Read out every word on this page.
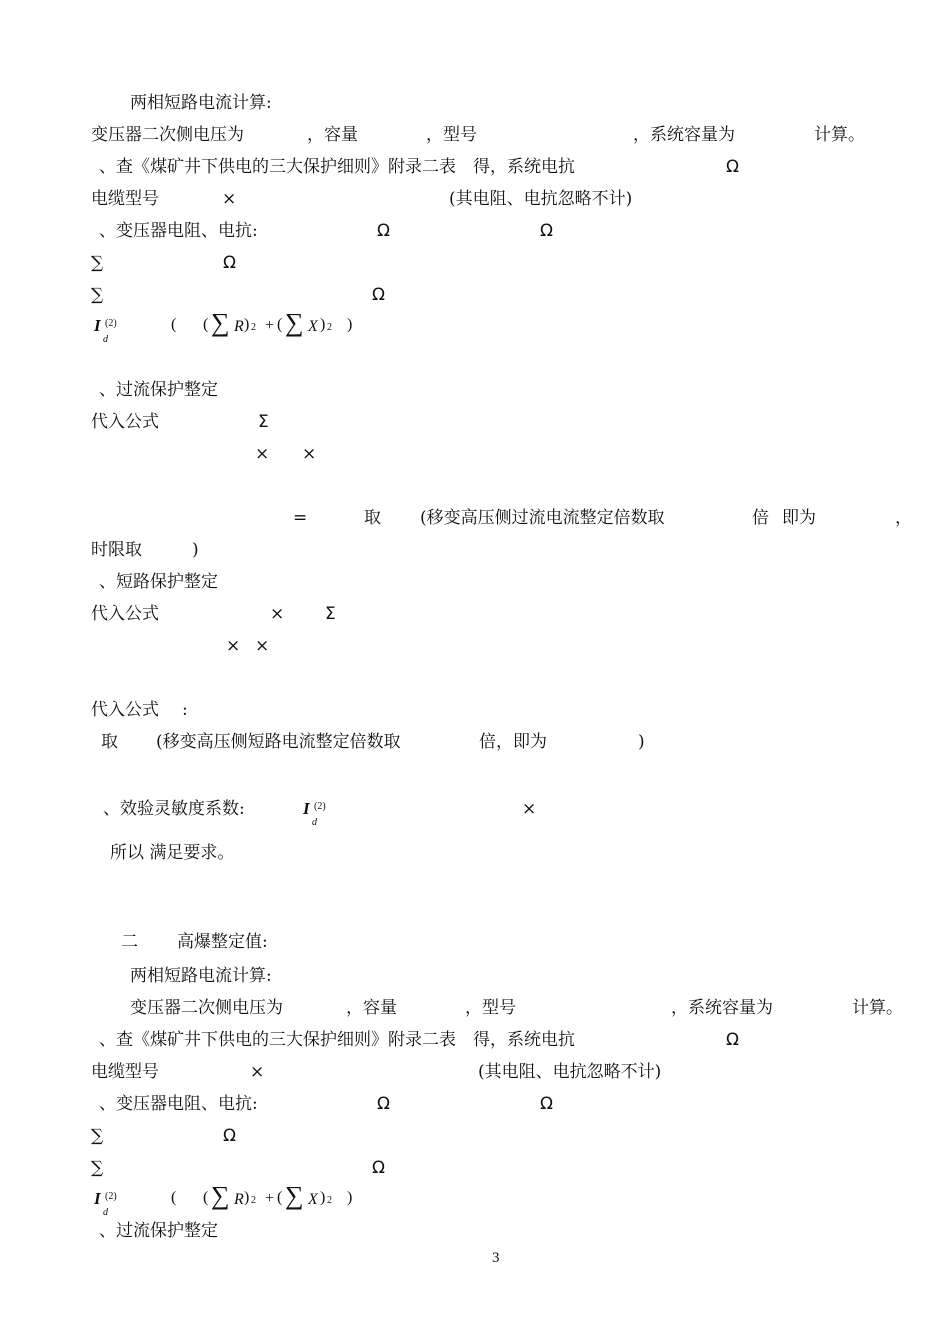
两相短路电流计算:
变压器二次侧电压为	，容量	，型号	，系统容量为	计算。
、查《煤矿井下供电的三大保护细则》附录二表　得，系统电抗	Ω
电缆型号	×	(其电阻、电抗忽略不计)
、变压器电阻、电抗:	Ω	Ω
∑	Ω
∑	Ω
I (2)
d
( ( ∑ R ) 2 + ( ∑ X ) 2 )
、过流保护整定
代入公式	Σ
× ×
=	取 (移变高压侧过流电流整定倍数取	倍 即为	，
时限取	)
、短路保护整定
代入公式	× Σ
× ×
代入公式 :
取 (移变高压侧短路电流整定倍数取	倍，即为	)
、效验灵敏度系数:	I (2)
d
×
所以 满足要求。
二 高爆整定值:
两相短路电流计算:
变压器二次侧电压为	，容量	，型号	，系统容量为	计算。
、查《煤矿井下供电的三大保护细则》附录二表　得，系统电抗	Ω
电缆型号	×	(其电阻、电抗忽略不计)
、变压器电阻、电抗:	Ω	Ω
∑	Ω
∑	Ω
I (2)
d
( ( ∑ R ) 2 + ( ∑ X ) 2 )
、过流保护整定
3
